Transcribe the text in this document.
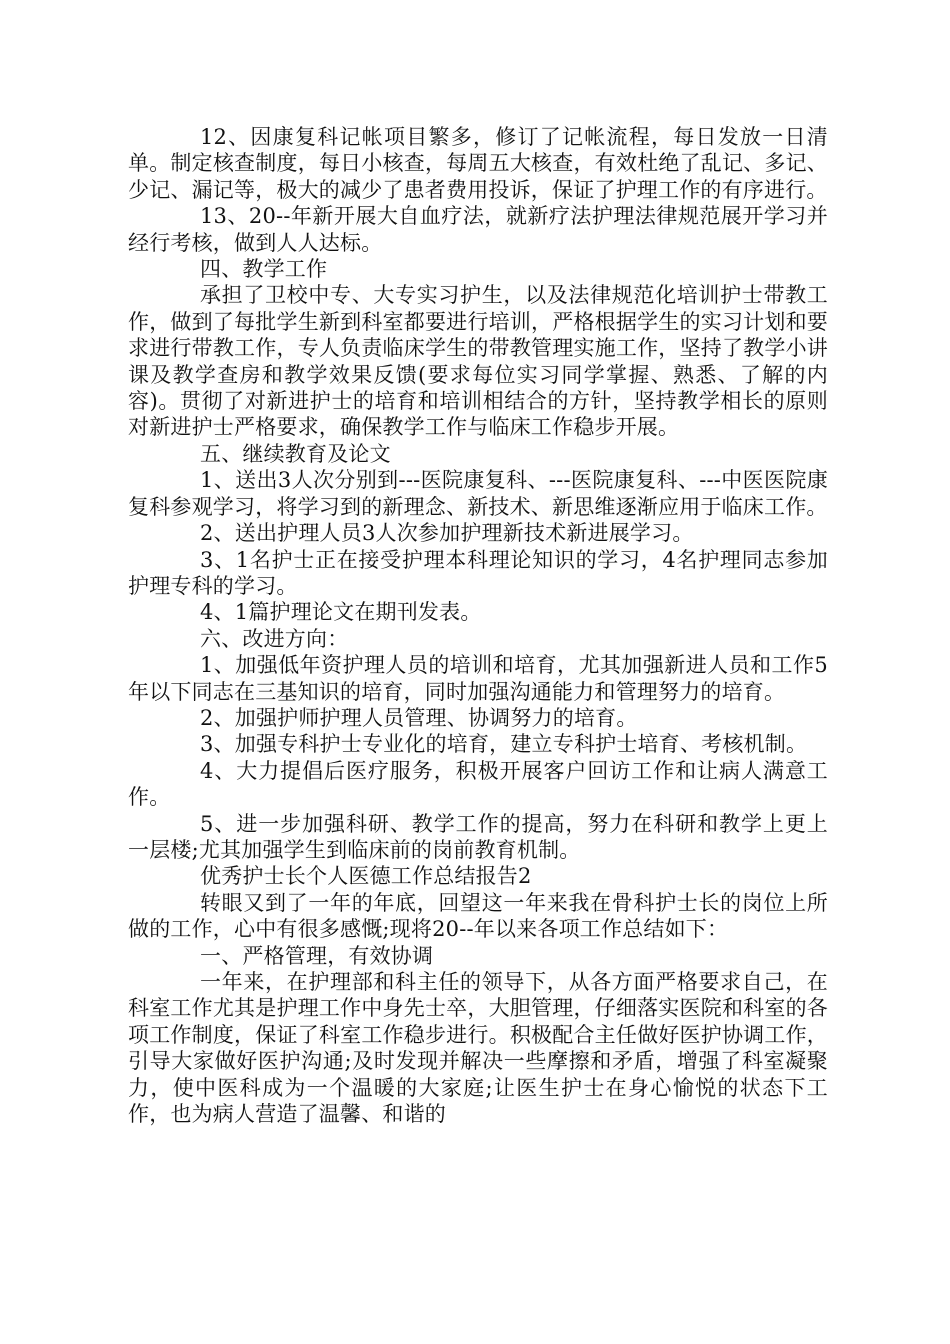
12、因康复科记帐项目繁多，修订了记帐流程，每日发放一日清单。制定核查制度，每日小核查，每周五大核查，有效杜绝了乱记、多记、少记、漏记等，极大的减少了患者费用投诉，保证了护理工作的有序进行。

13、20--年新开展大自血疗法，就新疗法护理法律规范展开学习并经行考核，做到人人达标。

四、教学工作

承担了卫校中专、大专实习护生，以及法律规范化培训护士带教工作，做到了每批学生新到科室都要进行培训，严格根据学生的实习计划和要求进行带教工作，专人负责临床学生的带教管理实施工作，坚持了教学小讲课及教学查房和教学效果反馈(要求每位实习同学掌握、熟悉、了解的内容)。贯彻了对新进护士的培育和培训相结合的方针，坚持教学相长的原则对新进护士严格要求，确保教学工作与临床工作稳步开展。

五、继续教育及论文

1、送出3人次分别到---医院康复科、---医院康复科、---中医医院康复科参观学习，将学习到的新理念、新技术、新思维逐渐应用于临床工作。

2、送出护理人员3人次参加护理新技术新进展学习。

3、1名护士正在接受护理本科理论知识的学习，4名护理同志参加护理专科的学习。

4、1篇护理论文在期刊发表。

六、改进方向：

1、加强低年资护理人员的培训和培育，尤其加强新进人员和工作5年以下同志在三基知识的培育，同时加强沟通能力和管理努力的培育。

2、加强护师护理人员管理、协调努力的培育。

3、加强专科护士专业化的培育，建立专科护士培育、考核机制。

4、大力提倡后医疗服务，积极开展客户回访工作和让病人满意工作。

5、进一步加强科研、教学工作的提高，努力在科研和教学上更上一层楼;尤其加强学生到临床前的岗前教育机制。

优秀护士长个人医德工作总结报告2

转眼又到了一年的年底，回望这一年来我在骨科护士长的岗位上所做的工作，心中有很多感慨;现将20--年以来各项工作总结如下：

一、严格管理，有效协调

一年来，在护理部和科主任的领导下，从各方面严格要求自己，在科室工作尤其是护理工作中身先士卒，大胆管理，仔细落实医院和科室的各项工作制度，保证了科室工作稳步进行。积极配合主任做好医护协调工作，引导大家做好医护沟通;及时发现并解决一些摩擦和矛盾，增强了科室凝聚力，使中医科成为一个温暖的大家庭;让医生护士在身心愉悦的状态下工作，也为病人营造了温馨、和谐的
